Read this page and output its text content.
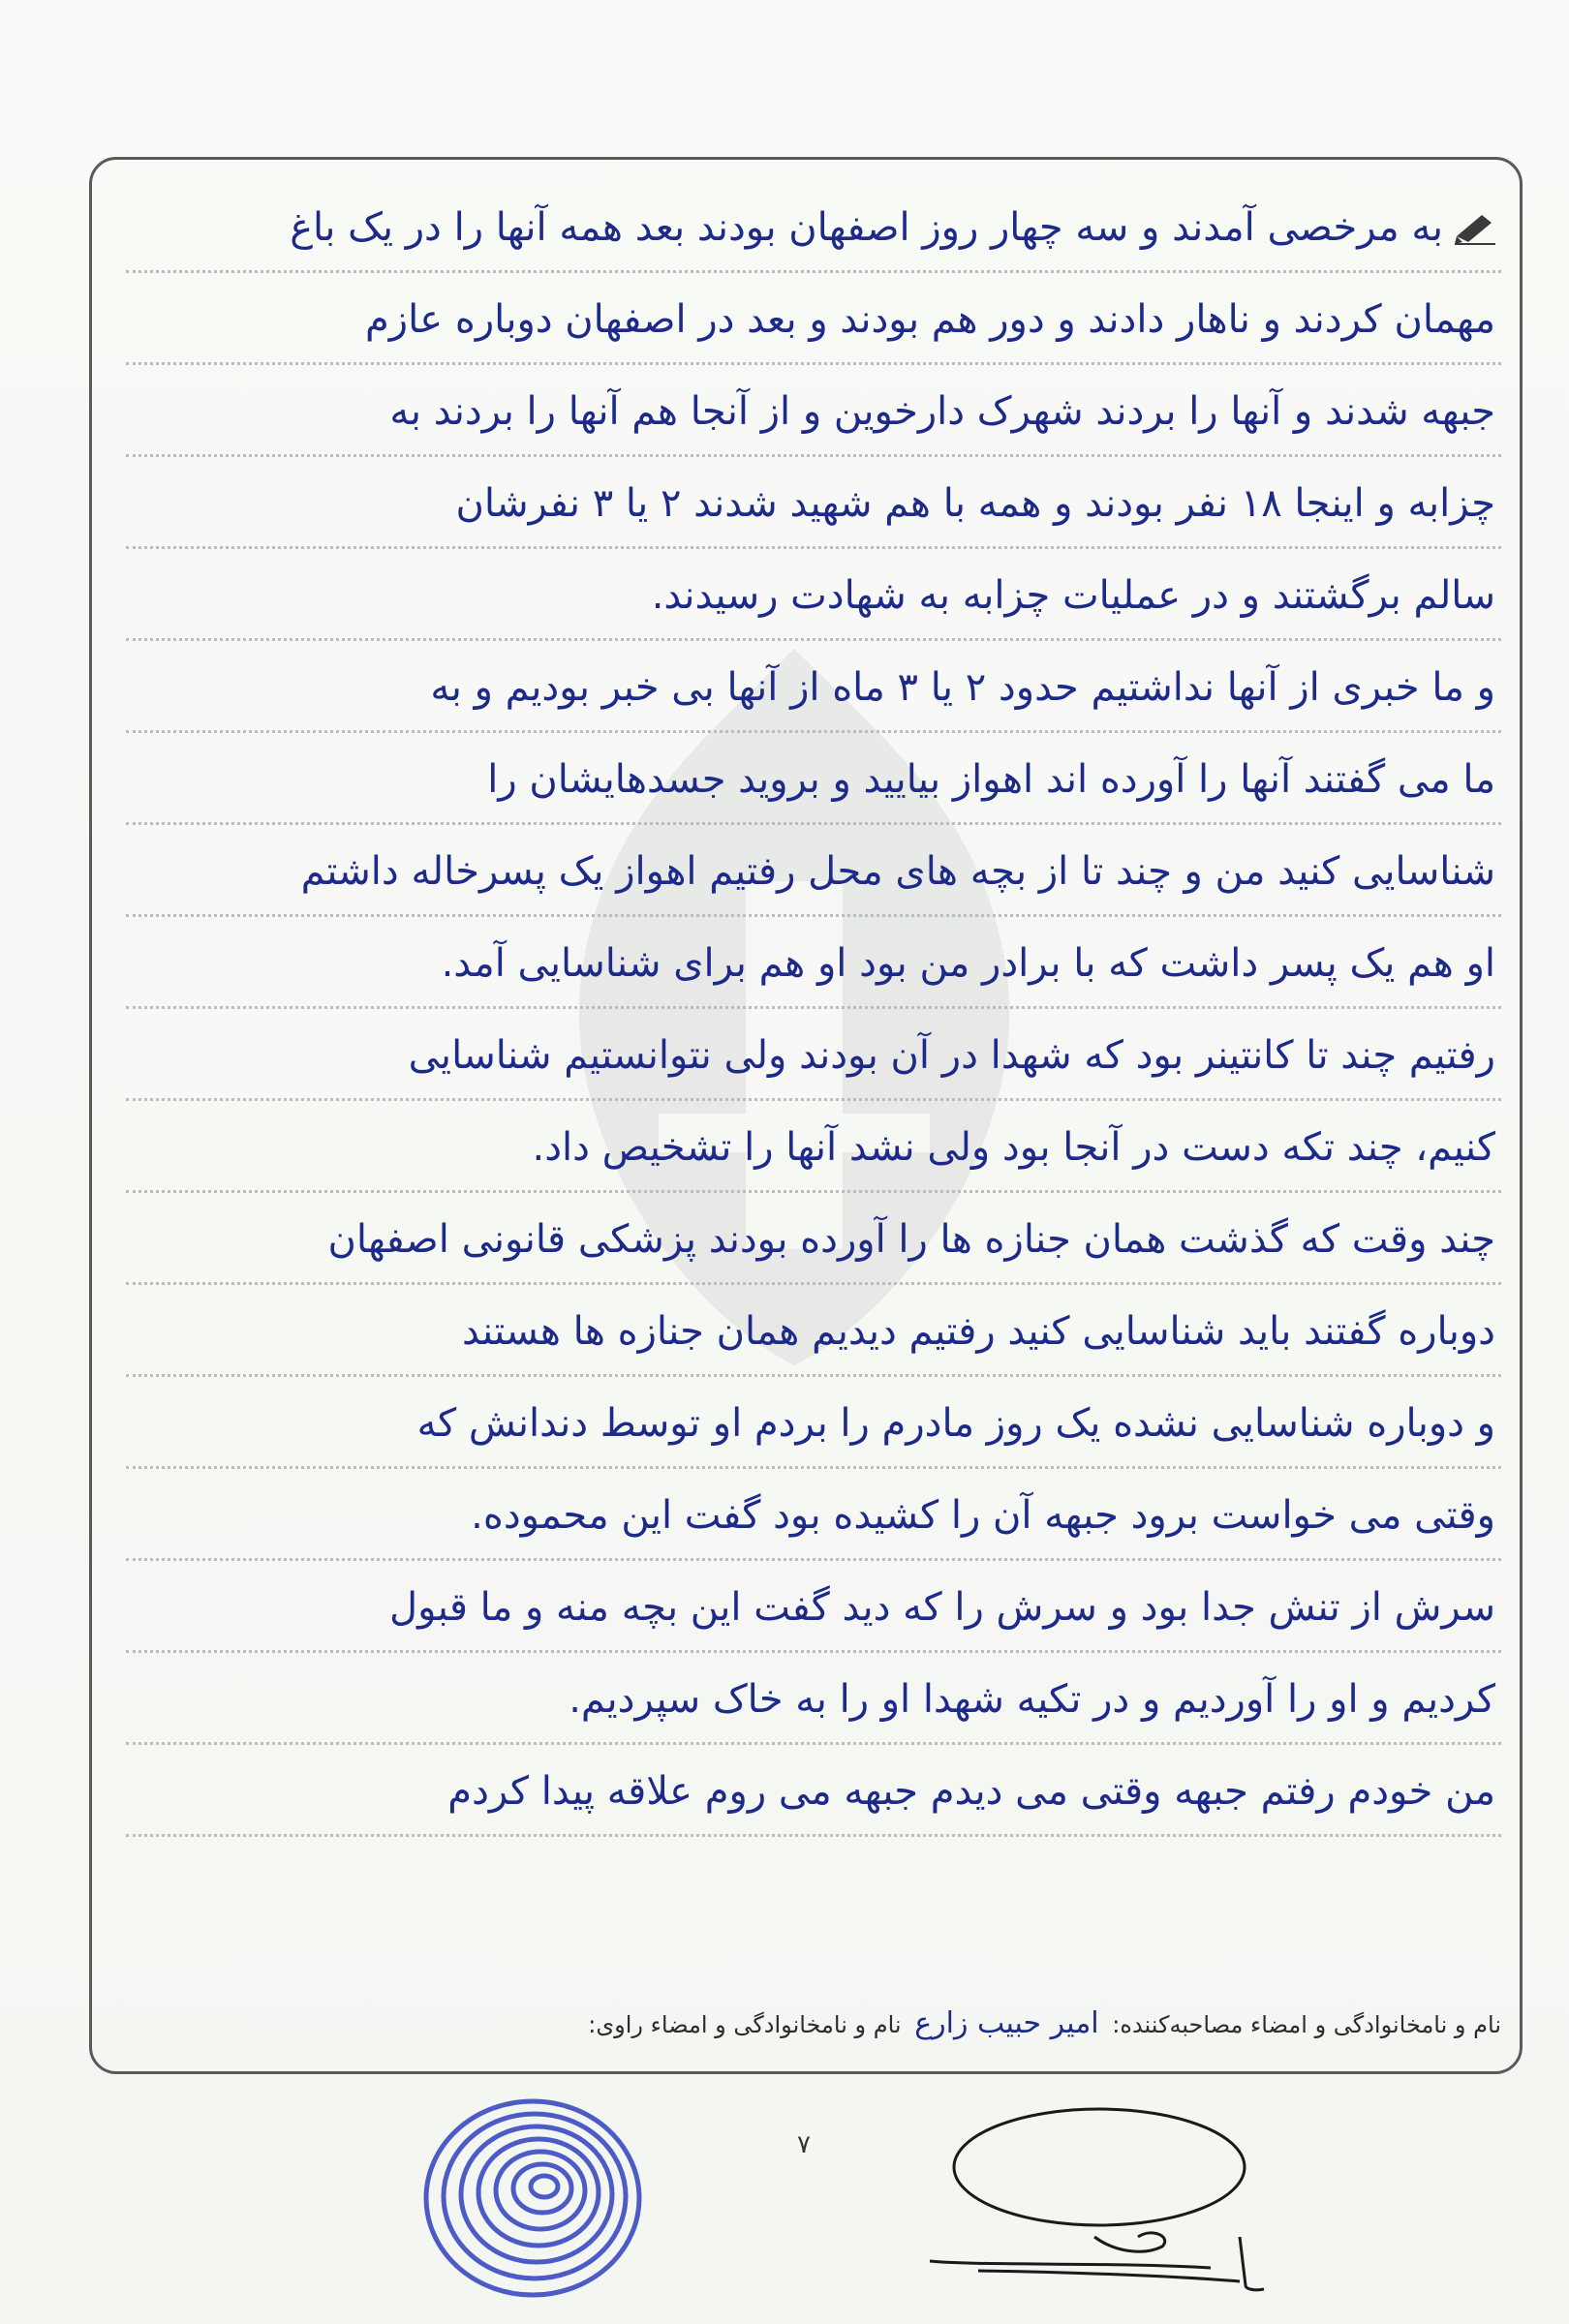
به مرخصی آمدند و سه چهار روز اصفهان بودند بعد همه آنها را در یک باغ
مهمان کردند و ناهار دادند و دور هم بودند و بعد در اصفهان دوباره عازم
جبهه شدند و آنها را بردند شهرک دارخوین و از آنجا هم آنها را بردند به
چزابه و اینجا ۱۸ نفر بودند و همه با هم شهید شدند ۲ یا ۳ نفرشان
سالم برگشتند و در عملیات چزابه به شهادت رسیدند.
و ما خبری از آنها نداشتیم حدود ۲ یا ۳ ماه از آنها بی خبر بودیم و به
ما می گفتند آنها را آورده اند اهواز بیایید و بروید جسدهایشان را
شناسایی کنید من و چند تا از بچه های محل رفتیم اهواز یک پسرخاله داشتم
او هم یک پسر داشت که با برادر من بود او هم برای شناسایی آمد.
رفتیم چند تا کانتینر بود که شهدا در آن بودند ولی نتوانستیم شناسایی
کنیم، چند تکه دست در آنجا بود ولی نشد آنها را تشخیص داد.
چند وقت که گذشت همان جنازه ها را آورده بودند پزشکی قانونی اصفهان
دوباره گفتند باید شناسایی کنید رفتیم دیدیم همان جنازه ها هستند
و دوباره شناسایی نشده یک روز مادرم را بردم او توسط دندانش که
وقتی می خواست برود جبهه آن را کشیده بود گفت این محموده.
سرش از تنش جدا بود و سرش را که دید گفت این بچه منه و ما قبول
کردیم و او را آوردیم و در تکیه شهدا او را به خاک سپردیم.
من خودم رفتم جبهه وقتی می دیدم جبهه می روم علاقه پیدا کردم
نام و نامخانوادگی و امضاء مصاحبه‌کننده: امیر حبیب زارع نام و نامخانوادگی و امضاء راوی:
۷
